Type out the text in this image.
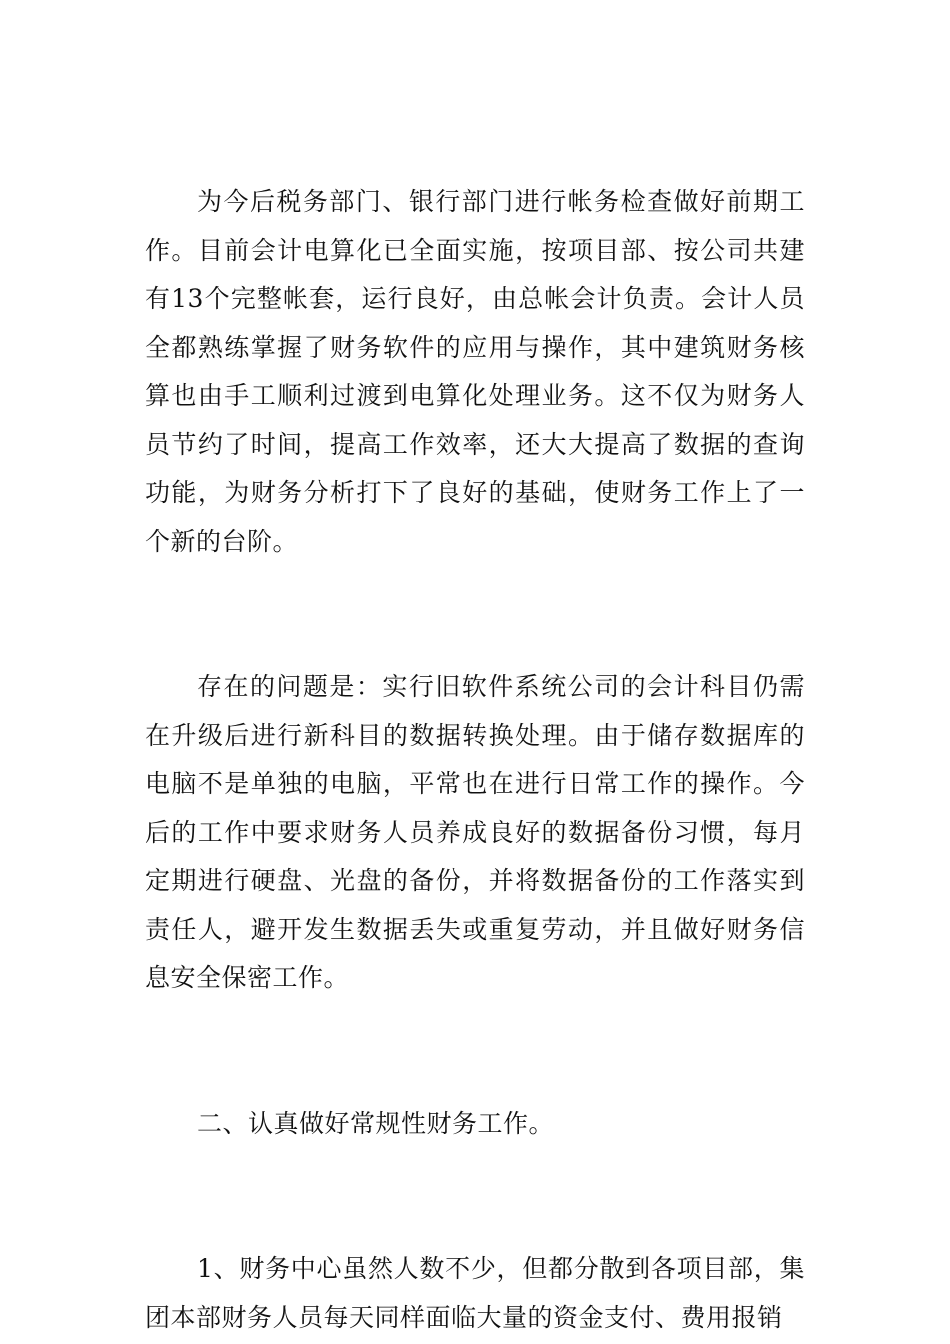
为今后税务部门、银行部门进行帐务检查做好前期工作。目前会计电算化已全面实施，按项目部、按公司共建有13个完整帐套，运行良好，由总帐会计负责。会计人员全都熟练掌握了财务软件的应用与操作，其中建筑财务核算也由手工顺利过渡到电算化处理业务。这不仅为财务人员节约了时间，提高工作效率，还大大提高了数据的查询功能，为财务分析打下了良好的基础，使财务工作上了一个新的台阶。

存在的问题是：实行旧软件系统公司的会计科目仍需在升级后进行新科目的数据转换处理。由于储存数据库的电脑不是单独的电脑，平常也在进行日常工作的操作。今后的工作中要求财务人员养成良好的数据备份习惯，每月定期进行硬盘、光盘的备份，并将数据备份的工作落实到责任人，避开发生数据丢失或重复劳动，并且做好财务信息安全保密工作。

二、认真做好常规性财务工作。

1、财务中心虽然人数不少，但都分散到各项目部，集团本部财务人员每天同样面临大量的资金支付、费用报销
